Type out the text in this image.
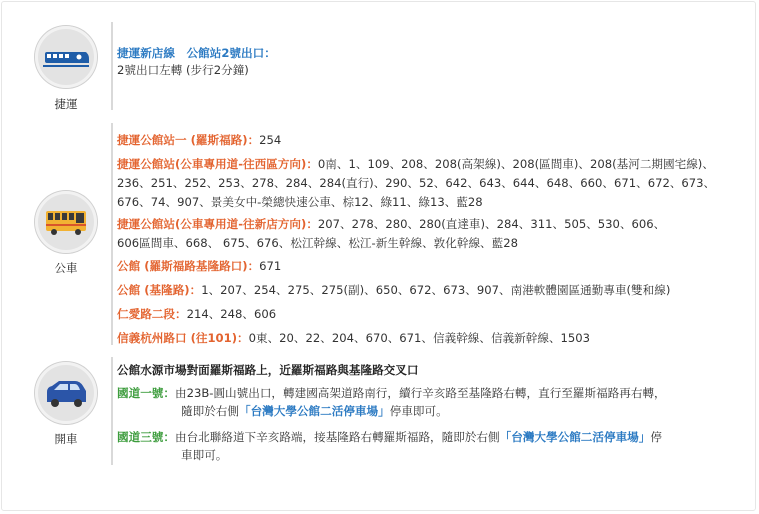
捷運
捷運新店線　公館站2號出口：
2號出口左轉 (步行2分鐘)
公車
捷運公館站一 (羅斯福路)：254
捷運公館站(公車專用道-往西區方向)：0南、1、109、208、208(高架線)、208(區間車)、208(基河二期國宅線)、
236、251、252、253、278、284、284(直行)、290、52、642、643、644、648、660、671、672、673、
676、74、907、景美女中-榮總快速公車、棕12、綠11、綠13、藍28
捷運公館站(公車專用道-往新店方向)：207、278、280、280(直達車)、284、311、505、530、606、
606區間車、668、 675、676、松江幹線、松江-新生幹線、敦化幹線、藍28
公館 (羅斯福路基隆路口)：671
公館 (基隆路)：1、207、254、275、275(副)、650、672、673、907、南港軟體園區通勤專車(雙和線)
仁愛路二段：214、248、606
信義杭州路口 (往101)：0東、20、22、204、670、671、信義幹線、信義新幹線、1503
開車
公館水源市場對面羅斯福路上，近羅斯福路與基隆路交叉口
國道一號：由23B-圓山號出口，轉建國高架道路南行，續行辛亥路至基隆路右轉，直行至羅斯福路再右轉，
隨即於右側「台灣大學公館二活停車場」停車即可。
國道三號：由台北聯絡道下辛亥路端，接基隆路右轉羅斯福路，隨即於右側「台灣大學公館二活停車場」停
車即可。
